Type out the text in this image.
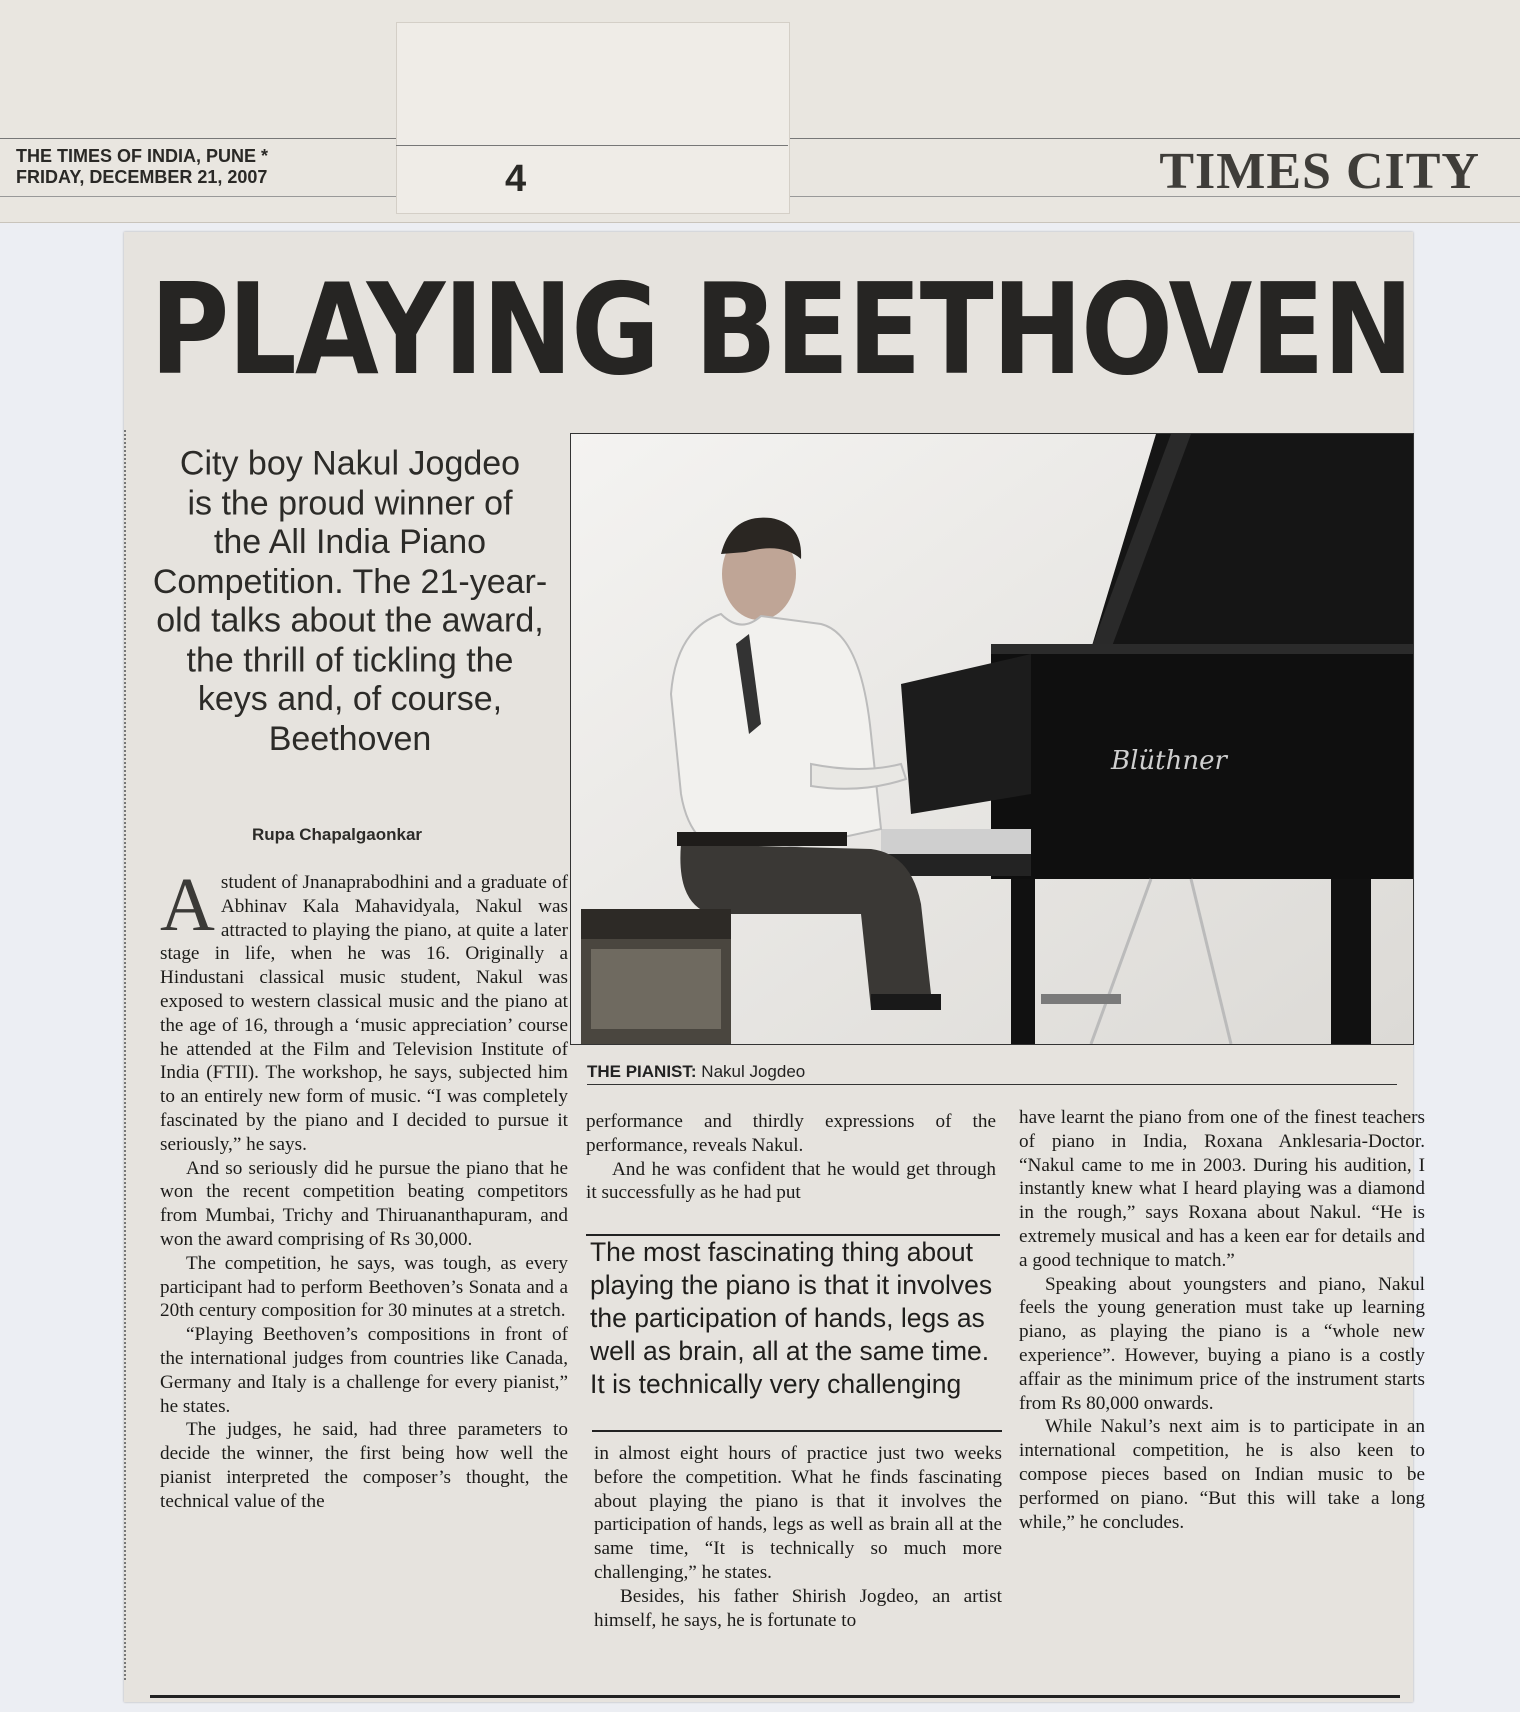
THE TIMES OF INDIA, PUNE *
FRIDAY, DECEMBER 21, 2007	4	TIMES CITY
PLAYING BEETHOVEN
City boy Nakul Jogdeo
is the proud winner of
the All India Piano
Competition. The 21-year-
old talks about the award,
the thrill of tickling the
keys and, of course,
Beethoven
Rupa Chapalgaonkar
Blüthner
THE PIANIST: Nakul Jogdeo

Astudent of Jnanaprabodhini and a graduate of Abhinav Kala Mahavidyala, Nakul was attracted to playing the piano, at quite a later stage in life, when he was 16. Originally a Hindustani classical music student, Nakul was exposed to western classical music and the piano at the age of 16, through a ‘music appreciation’ course he attended at the Film and Television Institute of India (FTII). The workshop, he says, subjected him to an entirely new form of music. “I was completely fascinated by the piano and I decided to pursue it seriously,” he says.

And so seriously did he pursue the piano that he won the recent competition beating competitors from Mumbai, Trichy and Thiruananthapuram, and won the award comprising of Rs 30,000.

The competition, he says, was tough, as every participant had to perform Beethoven’s Sonata and a 20th century composition for 30 minutes at a stretch.

“Playing Beethoven’s compositions in front of the international judges from countries like Canada, Germany and Italy is a challenge for every pianist,” he states.

The judges, he said, had three parameters to decide the winner, the first being how well the pianist interpreted the composer’s thought, the technical value of the

performance and thirdly expressions of the performance, reveals Nakul.

And he was confident that he would get through it successfully as he had put

The most fascinating thing about playing the piano is that it involves the participation of hands, legs as well as brain, all at the same time. It is technically very challenging

in almost eight hours of practice just two weeks before the competition. What he finds fascinating about playing the piano is that it involves the participation of hands, legs as well as brain all at the same time, “It is technically so much more challenging,” he states.

Besides, his father Shirish Jogdeo, an artist himself, he says, he is fortunate to

have learnt the piano from one of the finest teachers of piano in India, Roxana Anklesaria-Doctor. “Nakul came to me in 2003. During his audition, I instantly knew what I heard playing was a diamond in the rough,” says Roxana about Nakul. “He is extremely musical and has a keen ear for details and a good technique to match.”

Speaking about youngsters and piano, Nakul feels the young generation must take up learning piano, as playing the piano is a “whole new experience”. However, buying a piano is a costly affair as the minimum price of the instrument starts from Rs 80,000 onwards.

While Nakul’s next aim is to participate in an international competition, he is also keen to compose pieces based on Indian music to be performed on piano. “But this will take a long while,” he concludes.
